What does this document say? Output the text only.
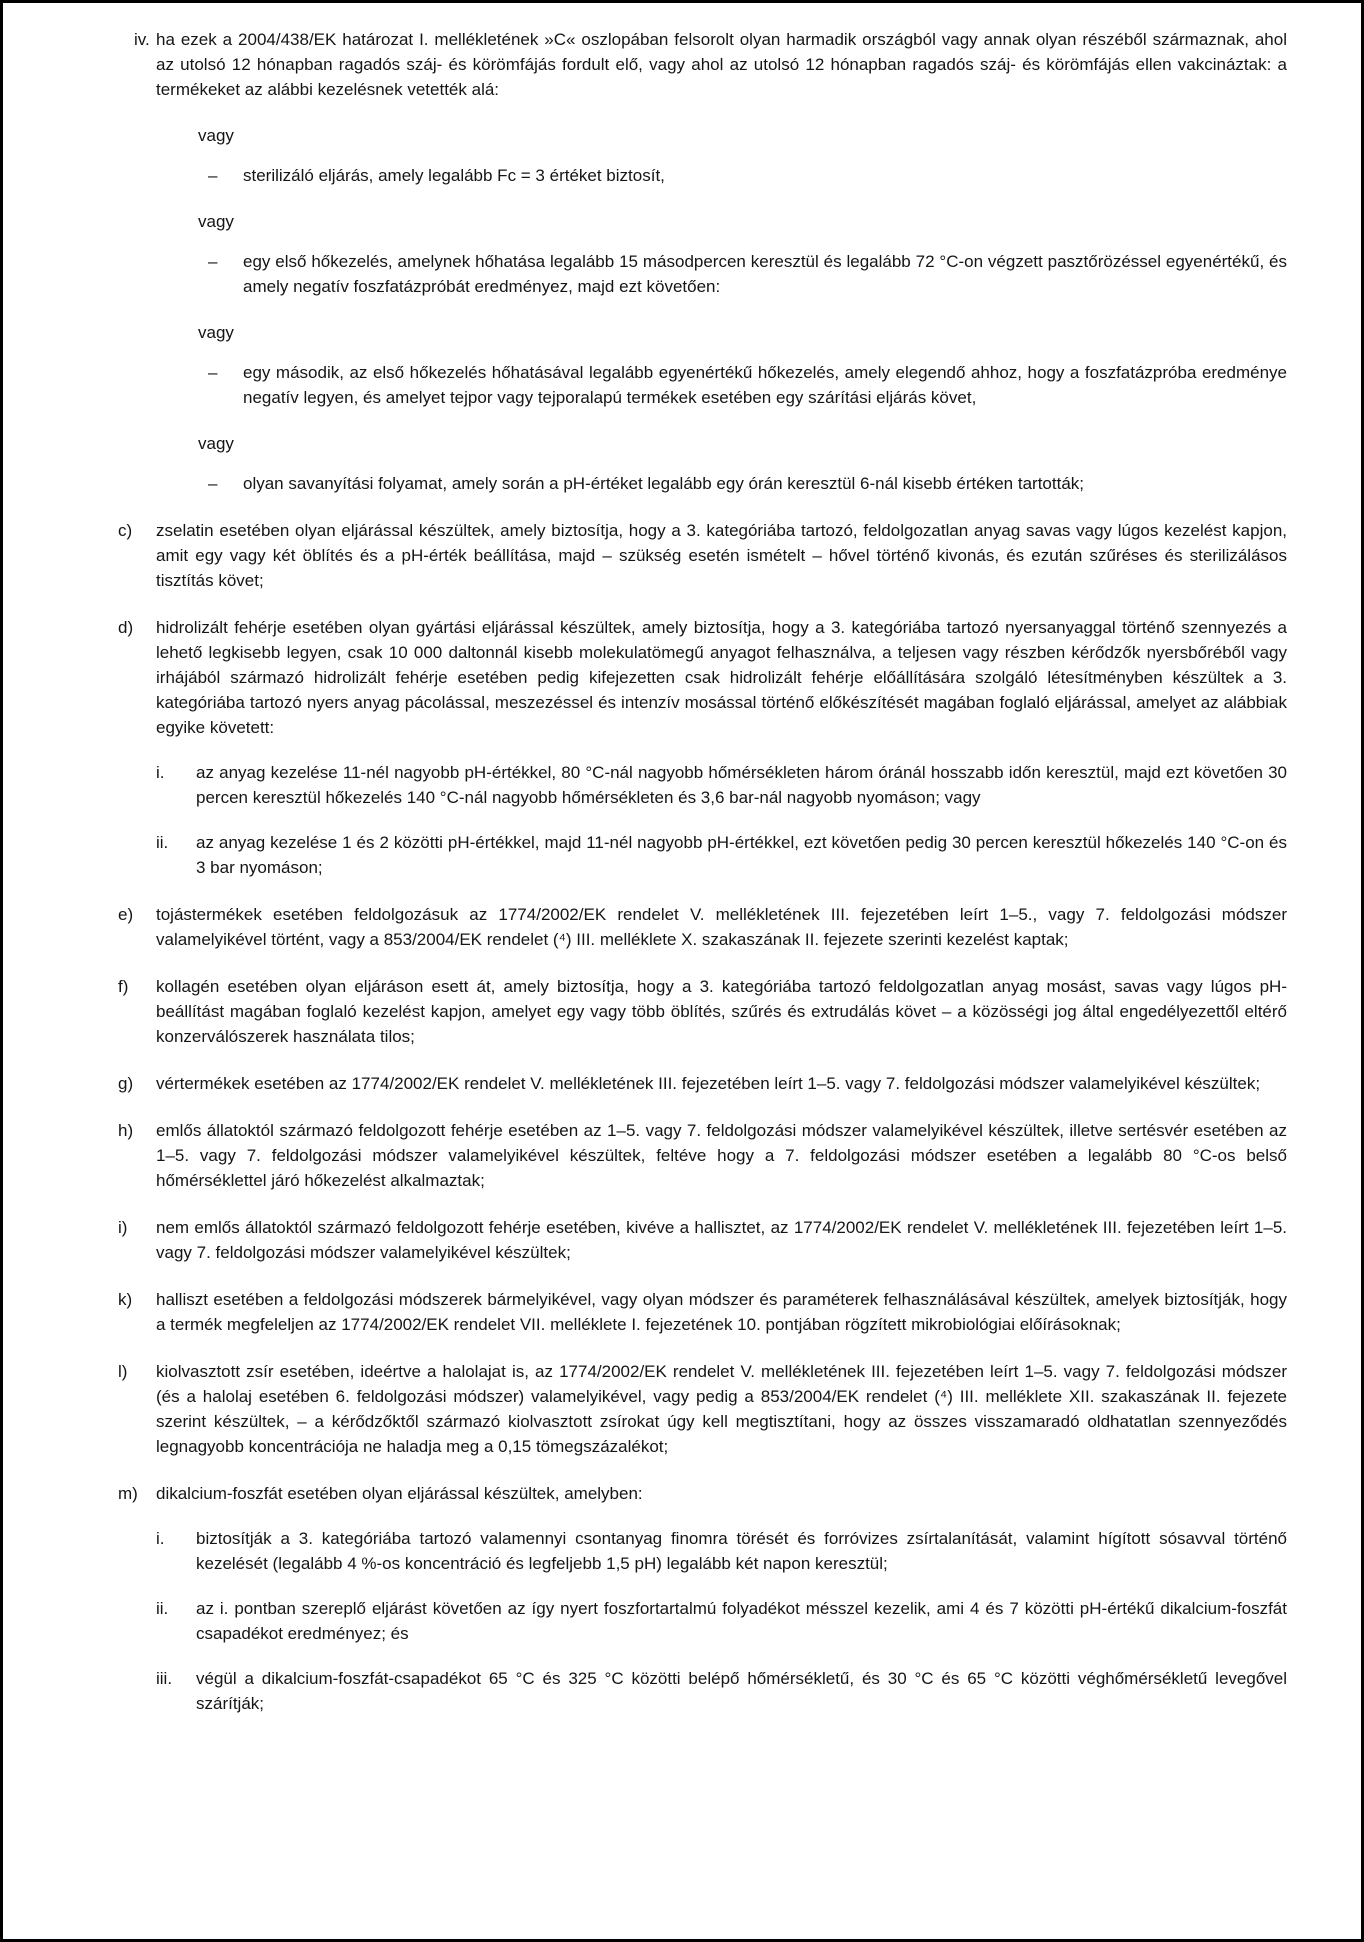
iv. ha ezek a 2004/438/EK határozat I. mellékletének »C« oszlopában felsorolt olyan harmadik országból vagy annak olyan részéből származnak, ahol az utolsó 12 hónapban ragadós száj- és körömfájás fordult elő, vagy ahol az utolsó 12 hónapban ragadós száj- és körömfájás ellen vakcináztak: a termékeket az alábbi kezelésnek vetették alá:
vagy
–	sterilizáló eljárás, amely legalább Fc = 3 értéket biztosít,
vagy
–	egy első hőkezelés, amelynek hőhatása legalább 15 másodpercen keresztül és legalább 72 °C-on végzett pasztőrözéssel egyenértékű, és amely negatív foszfatázpróbát eredményez, majd ezt követően:
vagy
–	egy második, az első hőkezelés hőhatásával legalább egyenértékű hőkezelés, amely elegendő ahhoz, hogy a foszfatázpróba eredménye negatív legyen, és amelyet tejpor vagy tejporalapú termékek esetében egy szárítási eljárás követ,
vagy
–	olyan savanyítási folyamat, amely során a pH-értéket legalább egy órán keresztül 6-nál kisebb értéken tartották;
c)	zselatin esetében olyan eljárással készültek, amely biztosítja, hogy a 3. kategóriába tartozó, feldolgozatlan anyag savas vagy lúgos kezelést kapjon, amit egy vagy két öblítés és a pH-érték beállítása, majd – szükség esetén ismételt – hővel történő kivonás, és ezután szűréses és sterilizálásos tisztítás követ;
d)	hidrolizált fehérje esetében olyan gyártási eljárással készültek, amely biztosítja, hogy a 3. kategóriába tartozó nyersanyaggal történő szennyezés a lehető legkisebb legyen, csak 10 000 daltonnál kisebb molekulatömegű anyagot felhasználva, a teljesen vagy részben kérődzők nyersbőréből vagy irhájából származó hidrolizált fehérje esetében pedig kifejezetten csak hidrolizált fehérje előállítására szolgáló létesítményben készültek a 3. kategóriába tartozó nyers anyag pácolással, meszezéssel és intenzív mosással történő előkészítését magában foglaló eljárással, amelyet az alábbiak egyike követett:
i.	az anyag kezelése 11-nél nagyobb pH-értékkel, 80 °C-nál nagyobb hőmérsékleten három óránál hosszabb időn keresztül, majd ezt követően 30 percen keresztül hőkezelés 140 °C-nál nagyobb hőmérsékleten és 3,6 bar-nál nagyobb nyomáson; vagy
ii.	az anyag kezelése 1 és 2 közötti pH-értékkel, majd 11-nél nagyobb pH-értékkel, ezt követően pedig 30 percen keresztül hőkezelés 140 °C-on és 3 bar nyomáson;
e)	tojástermékek esetében feldolgozásuk az 1774/2002/EK rendelet V. mellékletének III. fejezetében leírt 1–5., vagy 7. feldolgozási módszer valamelyikével történt, vagy a 853/2004/EK rendelet (⁴) III. melléklete X. szakaszának II. fejezete szerinti kezelést kaptak;
f)	kollagén esetében olyan eljáráson esett át, amely biztosítja, hogy a 3. kategóriába tartozó feldolgozatlan anyag mosást, savas vagy lúgos pH-beállítást magában foglaló kezelést kapjon, amelyet egy vagy több öblítés, szűrés és extrudálás követ – a közösségi jog által engedélyezettől eltérő konzerválószerek használata tilos;
g)	vértermékek esetében az 1774/2002/EK rendelet V. mellékletének III. fejezetében leírt 1–5. vagy 7. feldolgozási módszer valamelyikével készültek;
h)	emlős állatoktól származó feldolgozott fehérje esetében az 1–5. vagy 7. feldolgozási módszer valamelyikével készültek, illetve sertésvér esetében az 1–5. vagy 7. feldolgozási módszer valamelyikével készültek, feltéve hogy a 7. feldolgozási módszer esetében a legalább 80 °C-os belső hőmérséklettel járó hőkezelést alkalmaztak;
i)	nem emlős állatoktól származó feldolgozott fehérje esetében, kivéve a hallisztet, az 1774/2002/EK rendelet V. mellékletének III. fejezetében leírt 1–5. vagy 7. feldolgozási módszer valamelyikével készültek;
k)	halliszt esetében a feldolgozási módszerek bármelyikével, vagy olyan módszer és paraméterek felhasználásával készültek, amelyek biztosítják, hogy a termék megfeleljen az 1774/2002/EK rendelet VII. melléklete I. fejezetének 10. pontjában rögzített mikrobiológiai előírásoknak;
l)	kiolvasztott zsír esetében, ideértve a halolajat is, az 1774/2002/EK rendelet V. mellékletének III. fejezetében leírt 1–5. vagy 7. feldolgozási módszer (és a halolaj esetében 6. feldolgozási módszer) valamelyikével, vagy pedig a 853/2004/EK rendelet (⁴) III. melléklete XII. szakaszának II. fejezete szerint készültek, – a kérődzőktől származó kiolvasztott zsírokat úgy kell megtisztítani, hogy az összes visszamaradó oldhatatlan szennyeződés legnagyobb koncentrációja ne haladja meg a 0,15 tömegszázalékot;
m)	dikalcium-foszfát esetében olyan eljárással készültek, amelyben:
i.	biztosítják a 3. kategóriába tartozó valamennyi csontanyag finomra törését és forróvizes zsírtalanítását, valamint hígított sósavval történő kezelését (legalább 4 %-os koncentráció és legfeljebb 1,5 pH) legalább két napon keresztül;
ii.	az i. pontban szereplő eljárást követően az így nyert foszfortartalmú folyadékot mésszel kezelik, ami 4 és 7 közötti pH-értékű dikalcium-foszfát csapadékot eredményez; és
iii.	végül a dikalcium-foszfát-csapadékot 65 °C és 325 °C közötti belépő hőmérsékletű, és 30 °C és 65 °C közötti véghőmérsékletű levegővel szárítják;
